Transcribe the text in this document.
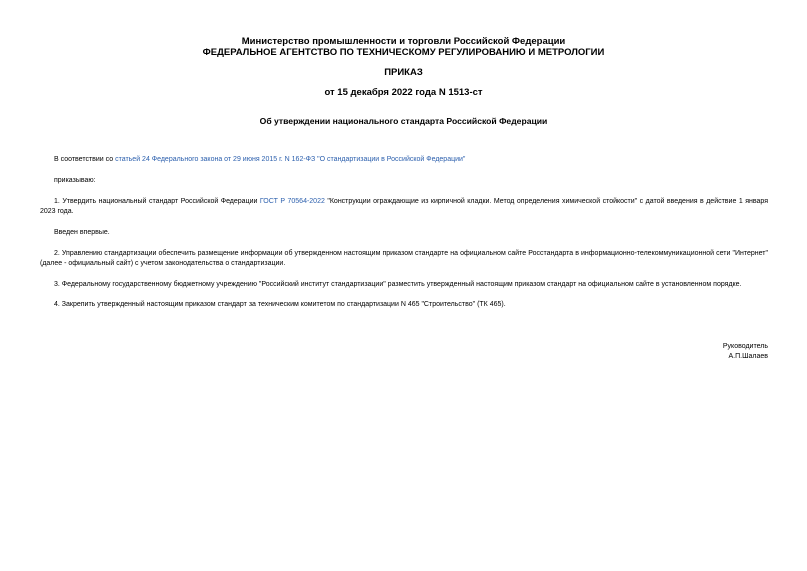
Министерство промышленности и торговли Российской Федерации
ФЕДЕРАЛЬНОЕ АГЕНТСТВО ПО ТЕХНИЧЕСКОМУ РЕГУЛИРОВАНИЮ И МЕТРОЛОГИИ
ПРИКАЗ
от 15 декабря 2022 года N 1513-ст
Об утверждении национального стандарта Российской Федерации
В соответствии со статьей 24 Федерального закона от 29 июня 2015 г. N 162-ФЗ "О стандартизации в Российской Федерации"
приказываю:
1. Утвердить национальный стандарт Российской Федерации ГОСТ Р 70564-2022 "Конструкции ограждающие из кирпичной кладки. Метод определения химической стойкости" с датой введения в действие 1 января 2023 года.
Введен впервые.
2. Управлению стандартизации обеспечить размещение информации об утвержденном настоящим приказом стандарте на официальном сайте Росстандарта в информационно-телекоммуникационной сети "Интернет" (далее - официальный сайт) с учетом законодательства о стандартизации.
3. Федеральному государственному бюджетному учреждению "Российский институт стандартизации" разместить утвержденный настоящим приказом стандарт на официальном сайте в установленном порядке.
4. Закрепить утвержденный настоящим приказом стандарт за техническим комитетом по стандартизации N 465 "Строительство" (ТК 465).
Руководитель
А.П.Шалаев
